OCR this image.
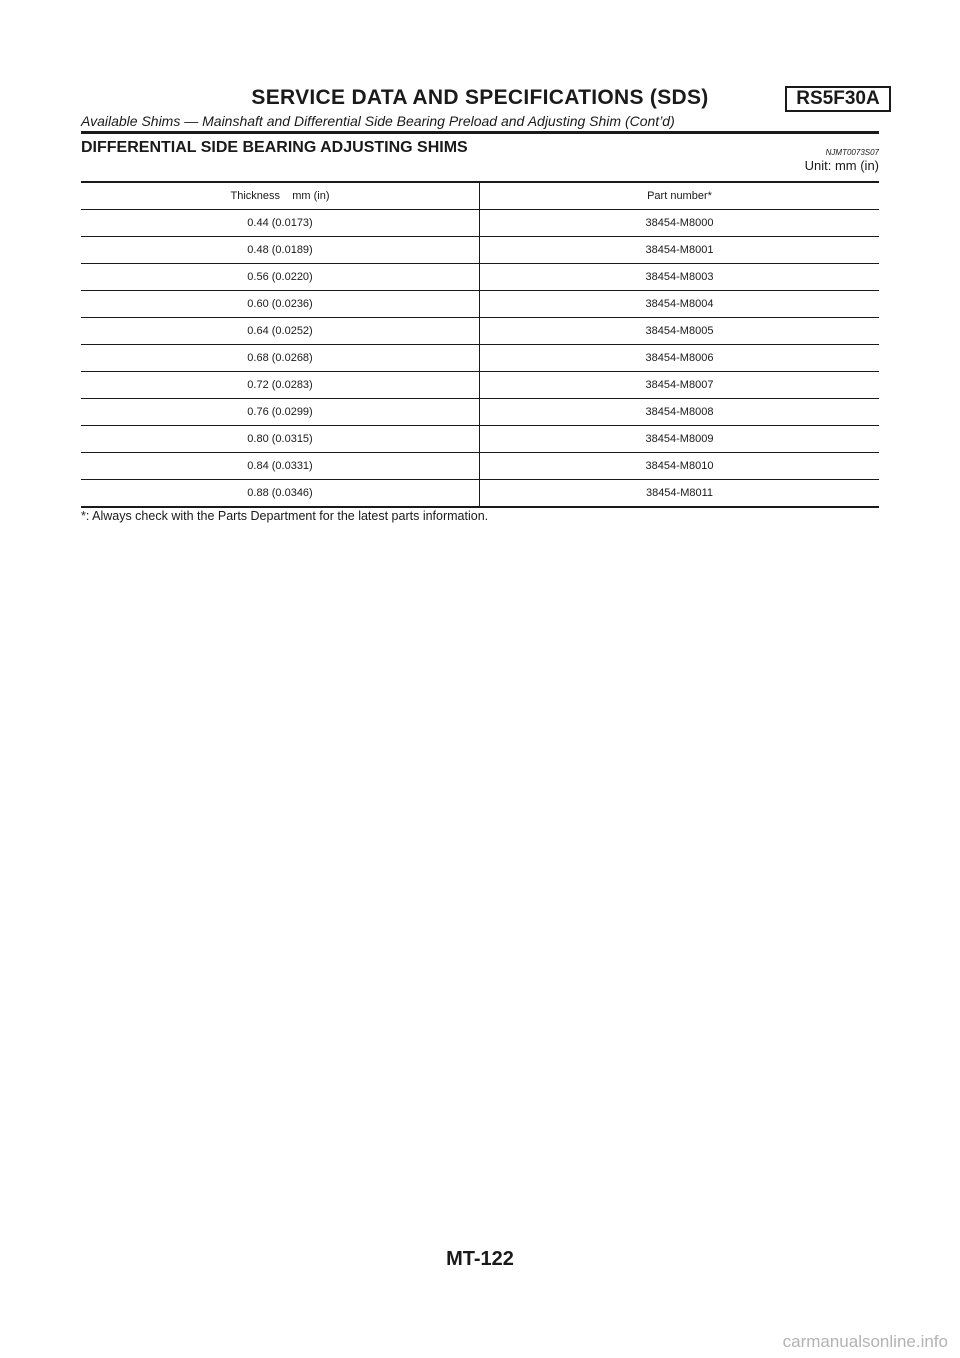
SERVICE DATA AND SPECIFICATIONS (SDS)	RS5F30A
Available Shims — Mainshaft and Differential Side Bearing Preload and Adjusting Shim (Cont’d)
DIFFERENTIAL SIDE BEARING ADJUSTING SHIMS	NJMT0073S07
Unit: mm (in)
Thickness    mm (in)	Part number*
0.44 (0.0173)	38454-M8000
0.48 (0.0189)	38454-M8001
0.56 (0.0220)	38454-M8003
0.60 (0.0236)	38454-M8004
0.64 (0.0252)	38454-M8005
0.68 (0.0268)	38454-M8006
0.72 (0.0283)	38454-M8007
0.76 (0.0299)	38454-M8008
0.80 (0.0315)	38454-M8009
0.84 (0.0331)	38454-M8010
0.88 (0.0346)	38454-M8011
*: Always check with the Parts Department for the latest parts information.
MT-122
carmanualsonline.info
